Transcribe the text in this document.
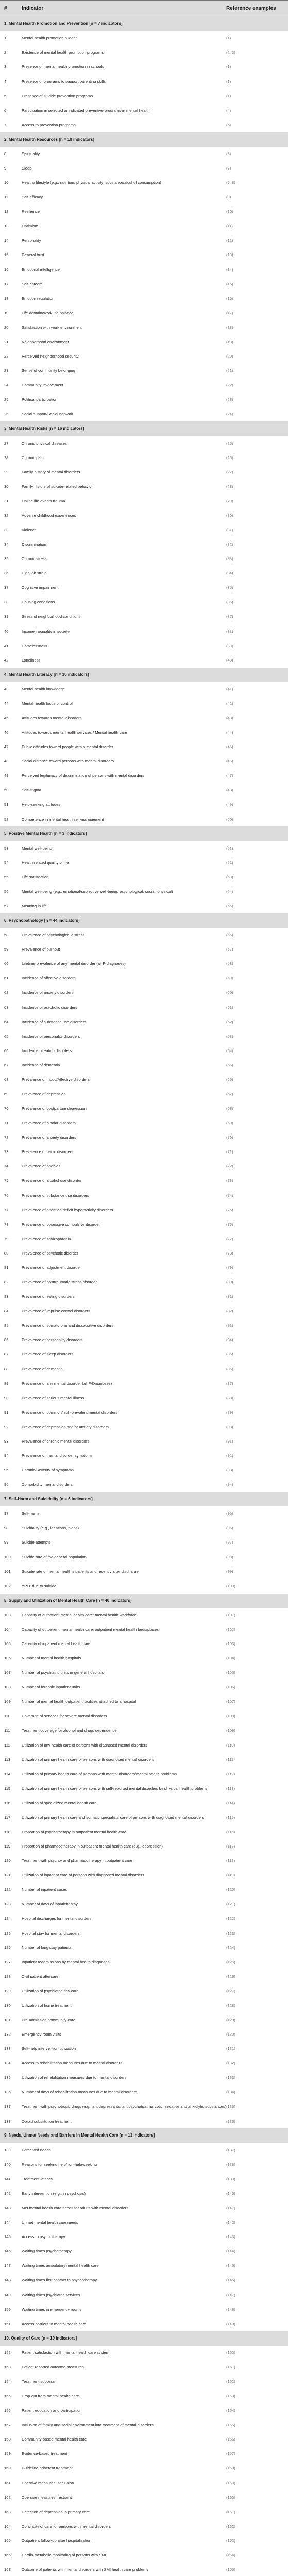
#	Indicator	Reference examples
1. Mental Health Promotion and Prevention [n = 7 indicators]
1	Mental health promotion budget	(1)
2	Existence of mental health promotion programs	(2, 3)
3	Presence of mental health promotion in schools	(1)
4	Presence of programs to support parenting skills	(1)
5	Presence of suicide prevention programs	(1)
6	Participation in selected or indicated preventive programs in mental health	(4)
7	Access to prevention programs	(5)
2. Mental Health Resources [n = 19 indicators]
8	Spirituality	(6)
9	Sleep	(7)
10	Healthy lifestyle (e.g., nutrition, physical activity, substance/alcohol consumption)	(6, 8)
11	Self-efficacy	(9)
12	Resilience	(10)
13	Optimism	(11)
14	Personality	(12)
15	General trust	(13)
16	Emotional intelligence	(14)
17	Self-esteem	(15)
18	Emotion regulation	(16)
19	Life-domain/Work-life balance	(17)
20	Satisfaction with work environment	(18)
21	Neighborhood environment	(19)
22	Perceived neighborhood security	(20)
23	Sense of community belonging	(21)
24	Community involvement	(22)
25	Political participation	(23)
26	Social support/Social network	(24)
3. Mental Health Risks [n = 16 indicators]
27	Chronic physical diseases	(25)
28	Chronic pain	(26)
29	Family history of mental disorders	(27)
30	Family history of suicide-related behavior	(28)
31	Online life-events trauma	(29)
32	Adverse childhood experiences	(30)
33	Violence	(31)
34	Discrimination	(32)
35	Chronic stress	(33)
36	High job strain	(34)
37	Cognitive impairment	(35)
38	Housing conditions	(36)
39	Stressful neighborhood conditions	(37)
40	Income inequality in society	(38)
41	Homelessness	(39)
42	Loneliness	(40)
4. Mental Health Literacy [n = 10 indicators]
43	Mental health knowledge	(41)
44	Mental health locus of control	(42)
45	Attitudes towards mental disorders	(43)
46	Attitudes towards mental health services / Mental health care	(44)
47	Public attitudes toward people with a mental disorder	(45)
48	Social distance toward persons with mental disorders	(46)
49	Perceived legitimacy of discrimination of persons with mental disorders	(47)
50	Self-stigma	(48)
51	Help-seeking attitudes	(49)
52	Competence in mental health self-management	(50)
5. Positive Mental Health [n = 3 indicators]
53	Mental well-being	(51)
54	Health related quality of life	(52)
55	Life satisfaction	(53)
56	Mental well-being (e.g., emotional/subjective well-being, psychological, social, physical)	(54)
57	Meaning in life	(55)
6. Psychopathology [n = 44 indicators]
58	Prevalence of psychological distress	(56)
59	Prevalence of burnout	(57)
60	Lifetime prevalence of any mental disorder (all F-diagnoses)	(58)
61	Incidence of affective disorders	(59)
62	Incidence of anxiety disorders	(60)
63	Incidence of psychotic disorders	(61)
64	Incidence of substance use disorders	(62)
65	Incidence of personality disorders	(63)
66	Incidence of eating disorders	(64)
67	Incidence of dementia	(65)
68	Prevalence of mood/Affective disorders	(66)
69	Prevalence of depression	(67)
70	Prevalence of postpartum depression	(68)
71	Prevalence of bipolar disorders	(69)
72	Prevalence of anxiety disorders	(70)
73	Prevalence of panic disorders	(71)
74	Prevalence of phobias	(72)
75	Prevalence of alcohol use disorder	(73)
76	Prevalence of substance use disorders	(74)
77	Prevalence of attention deficit hyperactivity disorders	(75)
78	Prevalence of obsessive compulsive disorder	(76)
79	Prevalence of schizophrenia	(77)
80	Prevalence of psychotic disorder	(78)
81	Prevalence of adjustment disorder	(79)
82	Prevalence of posttraumatic stress disorder	(80)
83	Prevalence of eating disorders	(81)
84	Prevalence of impulse control disorders	(82)
85	Prevalence of somatoform and dissociative disorders	(83)
86	Prevalence of personality disorders	(84)
87	Prevalence of sleep disorders	(85)
88	Prevalence of dementia	(86)
89	Prevalence of any mental disorder (all F-Diagnoses)	(87)
90	Prevalence of serious mental illness	(88)
91	Prevalence of common/high-prevalent mental disorders	(89)
92	Prevalence of depression and/or anxiety disorders	(90)
93	Prevalence of chronic mental disorders	(91)
94	Prevalence of mental disorder symptoms	(92)
95	Chronic/Severity of symptoms	(93)
96	Comorbidity mental disorders	(94)
7. Self-Harm and Suicidality [n = 6 indicators]
97	Self-harm	(95)
98	Suicidality (e.g., ideations, plans)	(96)
99	Suicide attempts	(97)
100	Suicide rate of the general population	(98)
101	Suicide rate of mental health inpatients and recently after discharge	(99)
102	YPLL due to suicide	(100)
8. Supply and Utilization of Mental Health Care [n = 40 indicators]
103	Capacity of outpatient mental health care: mental health workforce	(101)
104	Capacity of outpatient mental health care: outpatient mental health beds/places	(102)
105	Capacity of inpatient mental health care	(103)
106	Number of mental health hospitals	(104)
107	Number of psychiatric units in general hospitals	(105)
108	Number of forensic inpatient units	(106)
109	Number of mental health outpatient facilities attached to a hospital	(107)
110	Coverage of services for severe mental disorders	(108)
111	Treatment coverage for alcohol and drugs dependence	(109)
112	Utilization of any health care of persons with diagnosed mental disorders	(110)
113	Utilization of primary health care of persons with diagnosed mental disorders	(111)
114	Utilization of primary health care of persons with mental disorders/mental health problems	(112)
115	Utilization of primary health care of persons with self-reported mental disorders by physical health problems	(113)
116	Utilization of specialized mental health care	(114)
117	Utilization of primary health care and somatic specialists care of persons with diagnosed mental disorders	(115)
118	Proportion of psychotherapy in outpatient mental health care	(116)
119	Proportion of pharmacotherapy in outpatient mental health care (e.g., depression)	(117)
120	Treatment with psycho- and pharmacotherapy in outpatient care	(118)
121	Utilization of inpatient care of persons with diagnosed mental disorders	(119)
122	Number of inpatient cases	(120)
123	Number of days of inpatient stay	(121)
124	Hospital discharges for mental disorders	(122)
125	Hospital stay for mental disorders	(123)
126	Number of long stay patients	(124)
127	Inpatient readmissions by mental health diagnoses	(125)
128	Civil patient aftercare	(126)
129	Utilization of psychiatric day care	(127)
130	Utilization of home treatment	(128)
131	Pre-admission community care	(129)
132	Emergency room visits	(130)
133	Self-help intervention utilization	(131)
134	Access to rehabilitation measures due to mental disorders	(132)
135	Utilization of rehabilitation measures due to mental disorders	(133)
136	Number of days of rehabilitation measures due to mental disorders	(134)
137	Treatment with psychotropic drugs (e.g., antidepressants, antipsychotics, narcotic, sedative and anxiolytic substances) (135)
138	Opioid substitution treatment	(136)
9. Needs, Unmet Needs and Barriers in Mental Health Care [n = 13 indicators]
139	Perceived needs	(137)
140	Reasons for seeking help/non-help-seeking	(138)
141	Treatment latency	(139)
142	Early intervention (e.g., in psychosis)	(140)
143	Met mental health care needs for adults with mental disorders	(141)
144	Unmet mental health care needs	(142)
145	Access to psychotherapy	(143)
146	Waiting times psychotherapy	(144)
147	Waiting times ambulatory mental health care	(145)
148	Waiting times first contact to psychotherapy	(146)
149	Waiting times psychiatric services	(147)
150	Waiting times in emergency rooms	(148)
151	Access barriers to mental health care	(149)
10. Quality of Care [n = 19 indicators]
152	Patient satisfaction with mental health care system	(150)
153	Patient reported outcome measures	(151)
154	Treatment success	(152)
155	Drop-out from mental health care	(153)
156	Patient education and participation	(154)
157	Inclusion of family and social environment into treatment of mental disorders	(155)
158	Community-based mental health care	(156)
159	Evidence-based treatment	(157)
160	Guideline-adherent treatment	(158)
161	Coercive measures: seclusion	(159)
162	Coercive measures: restraint	(160)
163	Detection of depression in primary care	(161)
164	Continuity of care for persons with mental disorders	(162)
165	Outpatient follow-up after hospitalisation	(163)
166	Cardio-metabolic monitoring of persons with SMI	(164)
167	Outcome of patients with mental disorders with SMI health care problems	(165)
